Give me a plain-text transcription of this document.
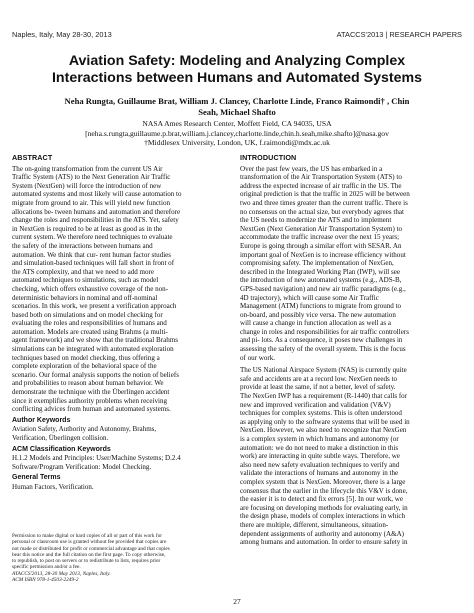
Naples, Italy, May 28-30, 2013	ATACCS'2013 | RESEARCH PAPERS
Aviation Safety: Modeling and Analyzing Complex
Interactions between Humans and Automated Systems
Neha Rungta, Guillaume Brat, William J. Clancey, Charlotte Linde, Franco Raimondi† , Chin
Seah, Michael Shafto
NASA Ames Research Center, Moffett Field, CA 94035, USA
[neha.s.rungta,guillaume.p.brat,william.j.clancey,charlotte.linde,chin.h.seah,mike.shafto]@nasa.gov
†Middlesex University, London, UK, f.raimondi@mdx.ac.uk
ABSTRACT
The on-going transformation from the current US Air
Traffic System (ATS) to the Next Generation Air Traffic
System (NextGen) will force the introduction of new
automated systems and most likely will cause automation to
migrate from ground to air. This will yield new function
allocations be- tween humans and automation and therefore
change the roles and responsibilities in the ATS. Yet, safety
in NextGen is required to be at least as good as in the
current system. We therefore need techniques to evaluate
the safety of the interactions between humans and
automation. We think that cur- rent human factor studies
and simulation-based techniques will fall short in front of
the ATS complexity, and that we need to add more
automated techniques to simulations, such as model
checking, which offers exhaustive coverage of the non-
deterministic behaviors in nominal and off-nominal
scenarios. In this work, we present a verification approach
based both on simulations and on model checking for
evaluating the roles and responsibilities of humans and
automation. Models are created using Brahms (a multi-
agent framework) and we show that the traditional Brahms
simulations can be integrated with automated exploration
techniques based on model checking, thus offering a
complete exploration of the behavioral space of the
scenario. Our formal analysis supports the notion of beliefs
and probabilities to reason about human behavior. We
demonstrate the technique with the Überlingen accident
since it exemplifies authority problems when receiving
conflicting advices from human and automated systems.
Author Keywords
Aviation Safety, Authority and Autonomy, Brahms,
Verification, Überlingen collision.
ACM Classification Keywords
H.1.2 Models and Principles: User/Machine Systems; D.2.4
Software/Program Verification: Model Checking.
General Terms
Human Factors, Verification.
Permission to make digital or hard copies of all or part of this work for
personal or classroom use is granted without fee provided that copies are
not made or distributed for profit or commercial advantage and that copies
bear this notice and the full citation on the first page. To copy otherwise,
to republish, to post on servers or to redistribute to lists, requires prior
specific permission and/or a fee.
ATACCS'2013, 28-30 May 2013, Naples, Italy.
ACM ISBN 978-1-4503-2249-2
INTRODUCTION
Over the past few years, the US has embarked in a
transformation of the Air Transportation System (ATS) to
address the expected increase of air traffic in the US. The
original prediction is that the traffic in 2025 will be between
two and three times greater than the current traffic. There is
no consensus on the actual size, but everybody agrees that
the US needs to modernize the ATS and to implement
NextGen (Next Generation Air Transportation System) to
accommodate the traffic increase over the next 15 years;
Europe is going through a similar effort with SESAR. An
important goal of NexGen is to increase efficiency without
compromising safety. The implementation of NexGen,
described in the Integrated Working Plan (IWP), will see
the introduction of new automated systems (e.g., ADS-B,
GPS-based navigation) and new air traffic paradigms (e.g.,
4D trajectory), which will cause some Air Traffic
Management (ATM) functions to migrate from ground to
on-board, and possibly vice versa. The new automation
will cause a change in function allocation as well as a
change in roles and responsibilities for air traffic controllers
and pi- lots. As a consequence, it poses new challenges in
assessing the safety of the overall system. This is the focus
of our work.
The US National Airspace System (NAS) is currently quite
safe and accidents are at a record low. NexGen needs to
provide at least the same, if not a better, level of safety.
The NexGen IWP has a requirement (R-1440) that calls for
new and improved verification and validation (V&V)
techniques for complex systems. This is often understood
as applying only to the software systems that will be used in
NexGen. However, we also need to recognize that NexGen
is a complex system in which humans and autonomy (or
automation: we do not need to make a distinction in this
work) are interacting in quite subtle ways. Therefore, we
also need new safety evaluation techniques to verify and
validate the interactions of humans and autonomy in the
complex system that is NexGen. Moreover, there is a large
consensus that the earlier in the lifecycle this V&V is done,
the easier it is to detect and fix errors [5]. In our work, we
are focusing on developing methods for evaluating early, in
the design phase, models of complex interactions in which
there are multiple, different, simultaneous, situation-
dependent assignments of authority and autonomy (A&A)
among humans and automation. In order to ensure safety in
27
